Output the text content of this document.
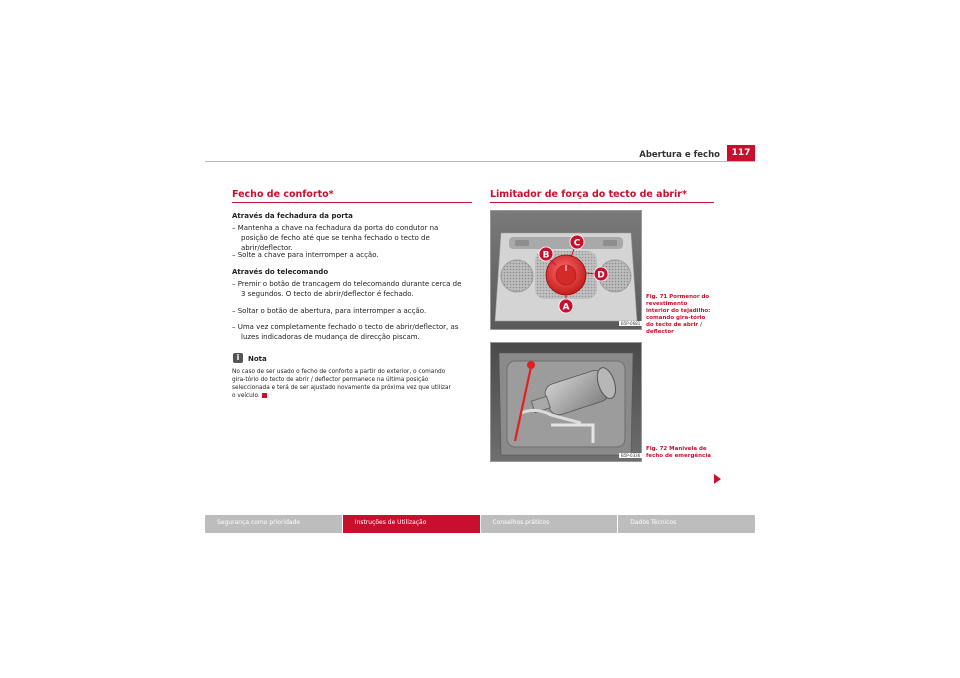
Abertura e fecho	117
Fecho de conforto*
Através da fechadura da porta
– Mantenha a chave na fechadura da porta do condutor na posição de fecho até que se tenha fechado o tecto de abrir/deflector.
– Solte a chave para interromper a acção.
Através do telecomando
– Premir o botão de trancagem do telecomando durante cerca de 3 segundos. O tecto de abrir/deflector é fechado.
– Soltar o botão de abertura, para interromper a acção.
– Uma vez completamente fechado o tecto de abrir/deflector, as luzes indicadoras de mudança de direcção piscam.
i	Nota
No caso de ser usado o fecho de conforto a partir do exterior, o comando gira-tório do tecto de abrir / deflector permanece na última posição seleccionada e terá de ser ajustado novamente da próxima vez que utilizar o veículo.
Limitador de força do tecto de abrir*
A
B
C
D
B5P-0681
Fig. 71 Pormenor do revestimento interior do tejadilho: comando gira-tório do tecto de abrir / deflector
B5P-0336
Fig. 72 Manivela de fecho de emergência
Segurança como prioridade	Instruções de Utilização	Conselhos práticos	Dados Técnicos
